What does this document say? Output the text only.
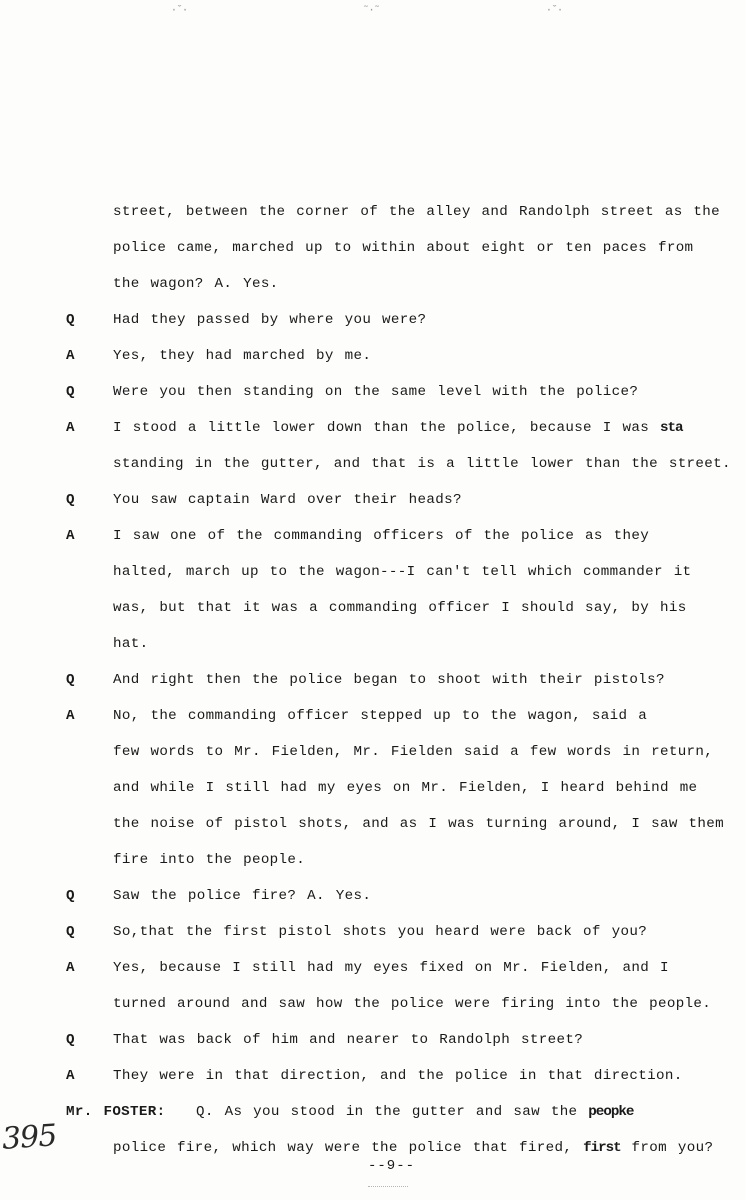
·ˇ·	˜·˜	·ˇ·
street, between the corner of the alley and Randolph street as the
police came, marched up to within about eight or ten paces from
the wagon? A. Yes.
Q	Had they passed by where you were?
A	Yes, they had marched by me.
Q	Were you then standing on the same level with the police?
A	I stood a little lower down than the police, because I was sta
standing in the gutter, and that is a little lower than the street.
Q	You saw captain Ward over their heads?
A	I saw one of the commanding officers of the police as they
halted, march up to the wagon---I can't tell which commander it
was, but that it was a commanding officer I should say, by his
hat.
Q	And right then the police began to shoot with their pistols?
A	No, the commanding officer stepped up to the wagon, said a
few words to Mr. Fielden, Mr. Fielden said a few words in return,
and while I still had my eyes on Mr. Fielden, I heard behind me
the noise of pistol shots, and as I was turning around, I saw them
fire into the people.
Q	Saw the police fire? A. Yes.
Q	So,that the first pistol shots you heard were back of you?
A	Yes, because I still had my eyes fixed on Mr. Fielden, and I
turned around and saw how the police were firing into the people.
Q	That was back of him and nearer to Randolph street?
A	They were in that direction, and the police in that direction.
Mr. FOSTER: Q. As you stood in the gutter and saw the peopke
police fire, which way were the police that fired, first from you?
395
--9--
